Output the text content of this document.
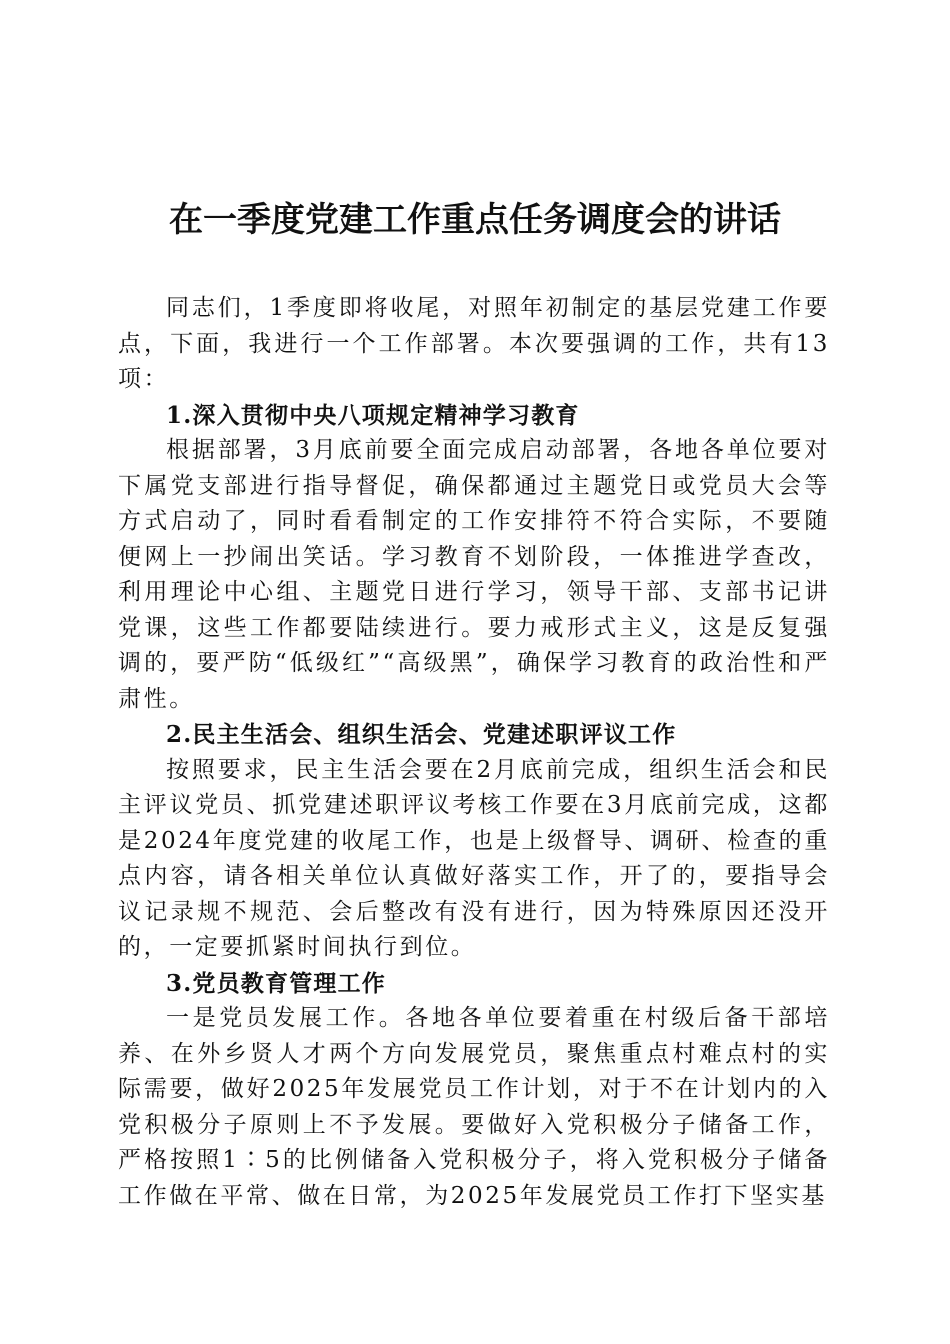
在一季度党建工作重点任务调度会的讲话

同志们，1季度即将收尾，对照年初制定的基层党建工作要点，下面，我进行一个工作部署。本次要强调的工作，共有13项：

1.深入贯彻中央八项规定精神学习教育

根据部署，3月底前要全面完成启动部署，各地各单位要对下属党支部进行指导督促，确保都通过主题党日或党员大会等方式启动了，同时看看制定的工作安排符不符合实际，不要随便网上一抄闹出笑话。学习教育不划阶段，一体推进学查改，利用理论中心组、主题党日进行学习，领导干部、支部书记讲党课，这些工作都要陆续进行。要力戒形式主义，这是反复强调的，要严防“低级红”“高级黑”，确保学习教育的政治性和严肃性。

2.民主生活会、组织生活会、党建述职评议工作

按照要求，民主生活会要在2月底前完成，组织生活会和民主评议党员、抓党建述职评议考核工作要在3月底前完成，这都是2024年度党建的收尾工作，也是上级督导、调研、检查的重点内容，请各相关单位认真做好落实工作，开了的，要指导会议记录规不规范、会后整改有没有进行，因为特殊原因还没开的，一定要抓紧时间执行到位。

3.党员教育管理工作

一是党员发展工作。各地各单位要着重在村级后备干部培养、在外乡贤人才两个方向发展党员，聚焦重点村难点村的实际需要，做好2025年发展党员工作计划，对于不在计划内的入党积极分子原则上不予发展。要做好入党积极分子储备工作，严格按照1∶5的比例储备入党积极分子，将入党积极分子储备工作做在平常、做在日常，为2025年发展党员工作打下坚实基
